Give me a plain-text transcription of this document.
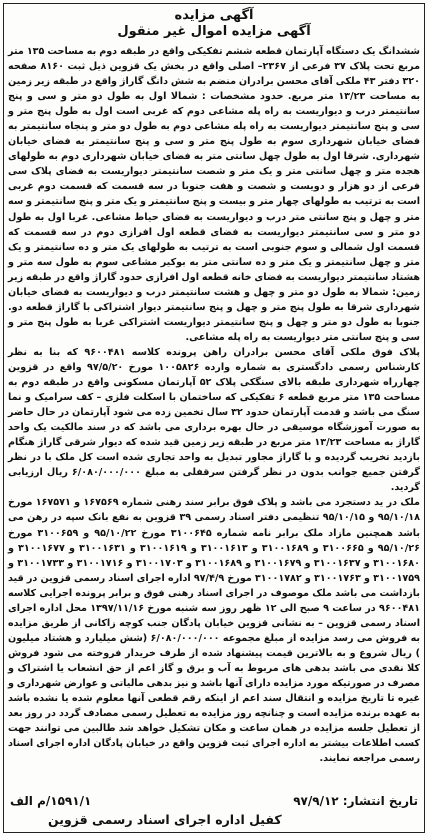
آگهی مزایده
آگهی مزایده اموال غیر منقول

ششدانگ یک دستگاه آپارتمان قطعه ششم تفکیکی واقع در طبقه دوم به مساحت ۱۳۵ متر مربع تحت پلاک ۳۷ فرعی از ۲۳۶۷– اصلی واقع در بخش یک قزوین ذیل ثبت ۸۱۶۰ صفحه ۳۲۰ دفتر ۴۳ ملکی آقای محسن برادران منضم به شش دانگ گاراژ واقع در طبقه زیر زمین به مساحت ۱۳/۲۳ متر مربع. حدود مشخصات : شمالا اول به طول دو متر و سی و پنج سانتیمتر درب و دیواریست به راه پله مشاعی دوم که غربی است اول به طول پنج متر و سی و پنج سانتیمتر دیواریست به راه پله مشاعی دوم به طول دو متر و پنجاه سانتیمتر به فضای خیابان شهرداری سوم به طول پنج متر و سی و پنج سانتیمتر به فضای خیابان شهرداری. شرقا اول به طول چهل سانتی متر به فضای خیابان شهرداری دوم به طولهای هجده متر و چهل سانتی متر و یک متر و شصت سانتیمتر دیواریست به فضای پلاک سی فرعی از دو هزار و دویست و شصت و هفت جنوبا در سه قسمت که قسمت دوم غربی است به ترتیب به طولهای چهار متر و بیست و پنج سانتیمتر و یک متر و پنج سانتیمتر و سه متر و چهل و پنج سانتی متر درب و دیواریست به فضای حیاط مشاعی. غربا اول به طول دو متر و سی سانتیمتر دیواریست به فضای قطعه اول افرازی دوم در سه قسمت که قسمت اول شمالی و سوم جنوبی است به ترتیب به طولهای یک متر و ده سانتیمتر و یک متر و چهل سانتیمتر و یک متر و ده سانتی متر به بوکیر مشاعی سوم به طول سه متر و هشتاد سانتیمتر دیواریست به فضای خانه قطعه اول افرازی حدود گاراژ واقع در طبقه زیر زمین: شمالا به طول دو متر و چهل و هشت سانتیمتر درب و دیواریست به فضای خیابان شهرداری شرقا به طول پنج متر و چهل و پنج سانتیمتر دیوار اشتراکی با گاراژ قطعه دو. جنوبا به طول دو متر و چهل و پنج سانتیمتر دیواریست اشتراکی غربا به طول پنج متر و سی و پنج سانتی متر دیواریست به راه پله مشاعی.

پلاک فوق ملکی آقای محسن برادران راهن پرونده کلاسه ۹۶۰۰۴۸۱ که بنا به نظر کارشناس رسمی دادگستری به شماره وارده ۱۰۰۵۸۲۶ مورخ ۹۷/۵/۲۰ واقع در قزوین چهارراه شهرداری طبقه بالای سنگکی پلاک ۵۲ آپارتمان مسکونی واقع در طبقه دوم به مساحت ۱۳۵ متر مربع قطعه ۶ تفکیکی که ساختمان با اسکلت فلزی – کف سرامیک و نما سنگ می باشد و قدمت آپارتمان حدود ۳۲ سال تخمین زده می شود آپارتمان در حال حاضر به صورت آموزشگاه موسیقی در حال بهره برداری می باشد که در سند مالکیت یک واحد گاراژ به مساحت ۱۳/۲۳ متر مربع در طبقه زیر زمین قید شده که دیوار شرقی گاراژ هنگام بازدید تخریب گردیده و با گاراژ مجاور تبدیل به واحد تجاری شده است کل ملک با در نظر گرفتن جمیع جوانب بدون در نظر گرفتن سرقفلی به مبلغ ۶/۰۸۰/۰۰۰/۰۰۰ ریال ارزیابی گردید.

ملک در ید دستجرد می باشد و پلاک فوق برابر سند رهنی شماره ۱۶۷۵۶۹ و ۱۶۷۵۷۱ مورخ ۹۵/۱۰/۱۸ و ۹۵/۱۰/۱۵ تنظیمی دفتر اسناد رسمی ۳۹ قزوین به نفع بانک سپه در رهن می باشد همچنین مازاد ملک برابر نامه شماره ۳۱۰۰۶۴۵ مورخ ۹۵/۱۰/۲۲ و ۳۱۰۰۶۵۹ مورخ ۹۵/۱۰/۲۶ و ۳۱۰۰۶۶۵ و ۳۱۰۰۱۶۸۹ و ۳۱۰۰۱۶۱۳ و ۳۱۰۰۱۶۱۹ و ۳۱۰۰۱۶۳۱ و ۳۱۰۰۱۶۷۷ و ۳۱۰۰۱۶۸۰ و ۳۱۰۰۱۶۳۷ و ۳۱۰۰۱۶۷۹ و ۳۱۰۰۱۶۸۹ و ۳۱۰۰۱۷۰۳ و ۳۱۰۰۱۷۱۶ و ۳۱۰۰۱۷۳۳ و ۳۱۰۰۱۷۵۹ و ۳۱۰۰۱۷۶۳ و ۳۱۰۰۱۷۸۲ مورخ ۹۷/۴/۹ اداره اجرای اسناد رسمی قزوین در قید بازداشت می باشد ملک موصوف در اجرای اسناد رهنی فوق و برابر پرونده اجرایی کلاسه ۹۶۰۰۴۸۱ در ساعت ۹ صبح الی ۱۲ ظهر روز سه شنبه مورخ ۱۳۹۷/۱۱/۱۶ محل اداره اجرای اسناد رسمی قزوین – به نشانی قزوین خیابان پادگان جنب کوچه زاکانی از طریق مزایده به فروش می رسد مزایده از مبلغ مجموعه ۶/۰۸۰/۰۰۰/۰۰۰ (شش میلیارد و هشتاد میلیون ) ریال شروع و به بالاترین قیمت پیشنهاد شده از طرف خریدار فروخته می شود فروش کلا نقدی می باشد بدهی های مربوط به آب و برق و گاز اعم از حق انشعاب یا اشتراک و مصرف در صورتیکه مورد مزایده دارای آنها باشد و نیز بدهی مالیاتی و عوارض شهرداری و غیره تا تاریخ مزایده و انتقال سند اعم از اینکه رقم قطعی آنها معلوم شده یا نشده باشد به عهده برنده مزایده است و چنانچه روز مزایده به تعطیل رسمی مصادف گردد در روز بعد از تعطیل جلسه مزایده در همان ساعت و مکان تشکیل خواهد شد طالبین می توانند جهت کسب اطلاعات بیشتر به اداره اجرای ثبت قزوین واقع در خیابان پادگان اداره اجرای اسناد رسمی مراجعه نمایند.

تاریخ انتشار: ۹۷/۹/۱۲
۱۵۹۱/۱/م الف
کفیل اداره اجرای اسناد رسمی قزوین
